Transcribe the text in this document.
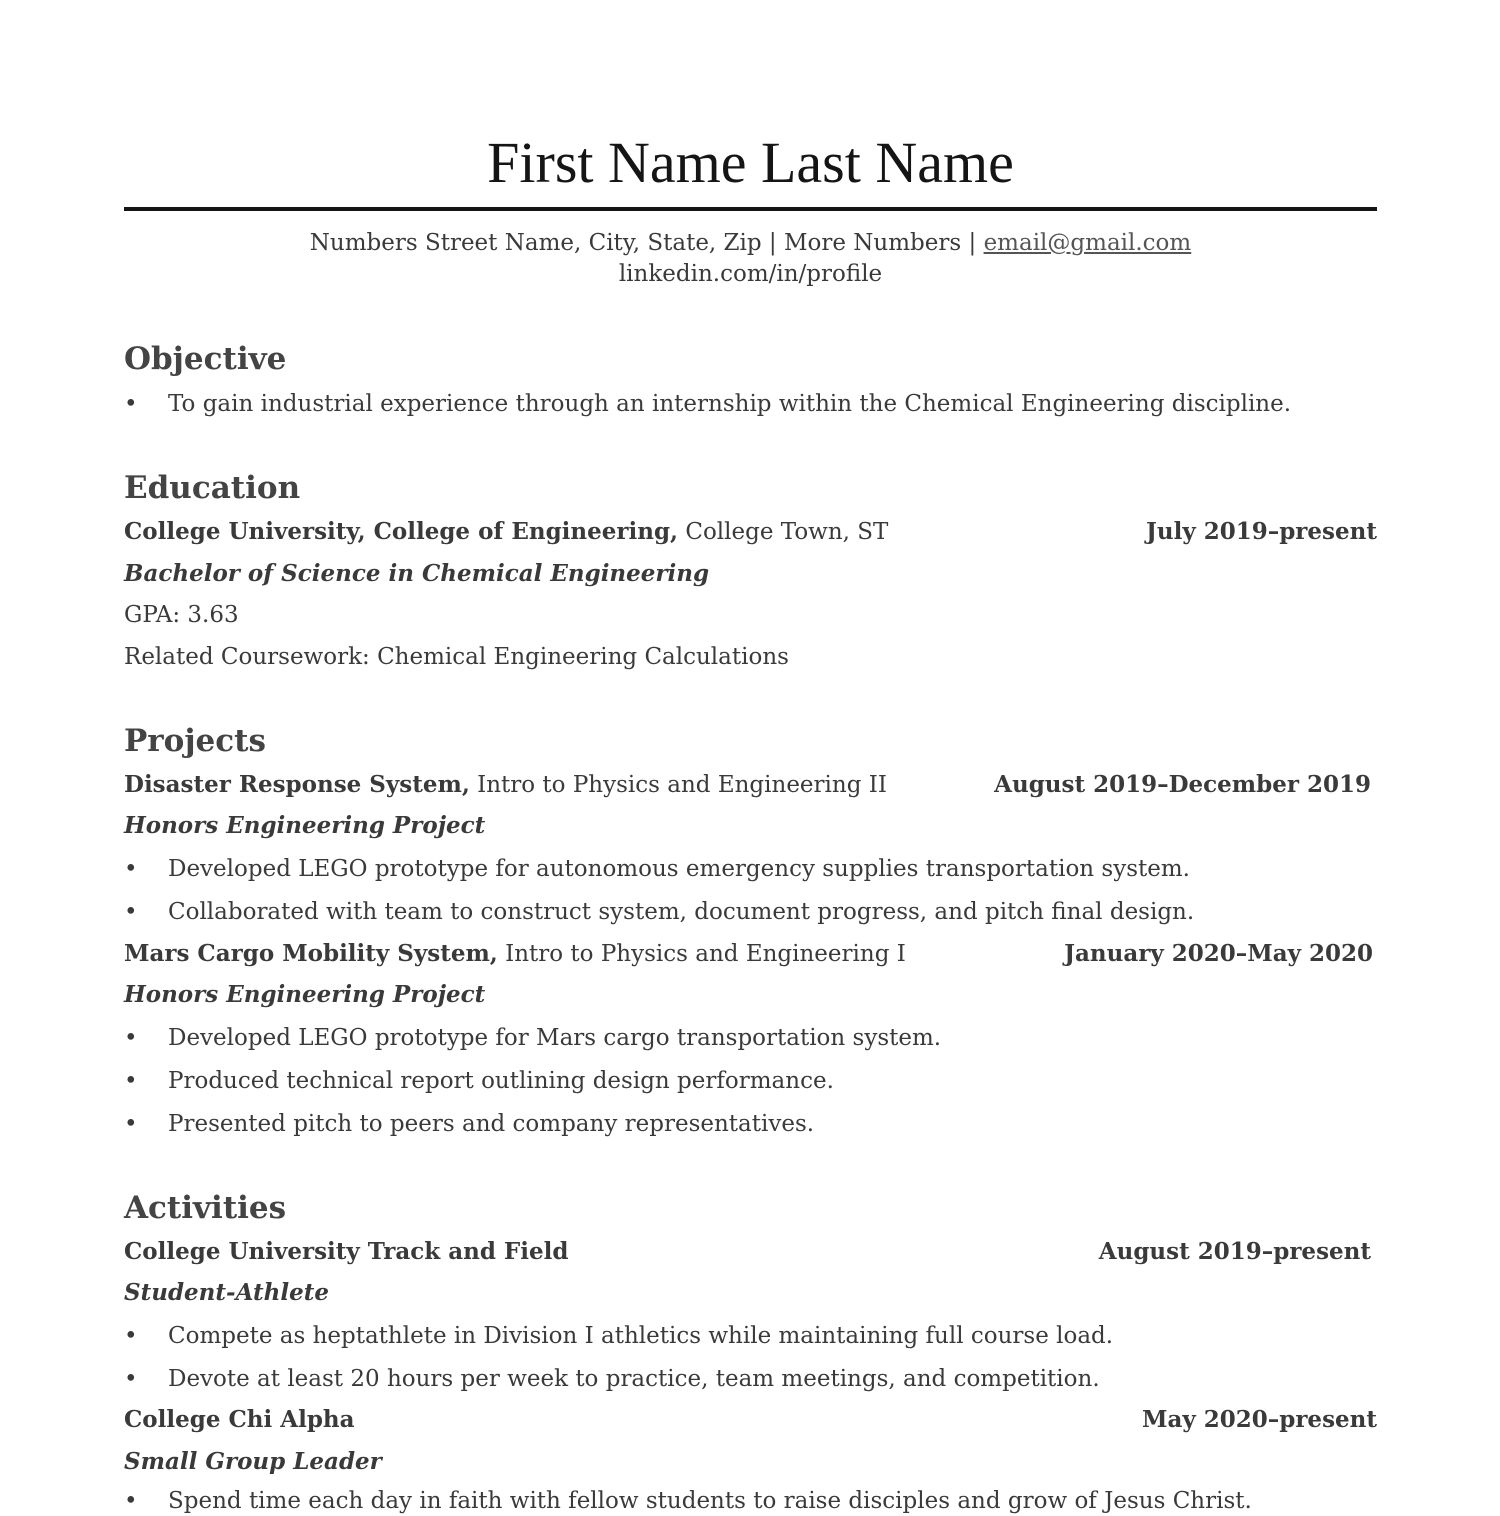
First Name Last Name
Numbers Street Name, City, State, Zip | More Numbers | email@gmail.com
linkedin.com/in/profile
Objective
• To gain industrial experience through an internship within the Chemical Engineering discipline.
Education
College University, College of Engineering, College Town, ST	July 2019–present
Bachelor of Science in Chemical Engineering
GPA: 3.63
Related Coursework: Chemical Engineering Calculations
Projects
Disaster Response System, Intro to Physics and Engineering II	August 2019–December 2019
Honors Engineering Project
• Developed LEGO prototype for autonomous emergency supplies transportation system.
• Collaborated with team to construct system, document progress, and pitch final design.
Mars Cargo Mobility System, Intro to Physics and Engineering I	January 2020–May 2020
Honors Engineering Project
• Developed LEGO prototype for Mars cargo transportation system.
• Produced technical report outlining design performance.
• Presented pitch to peers and company representatives.
Activities
College University Track and Field	August 2019–present
Student-Athlete
• Compete as heptathlete in Division I athletics while maintaining full course load.
• Devote at least 20 hours per week to practice, team meetings, and competition.
College Chi Alpha	May 2020–present
Small Group Leader
• Spend time each day in faith with fellow students to raise disciples and grow of Jesus Christ.
